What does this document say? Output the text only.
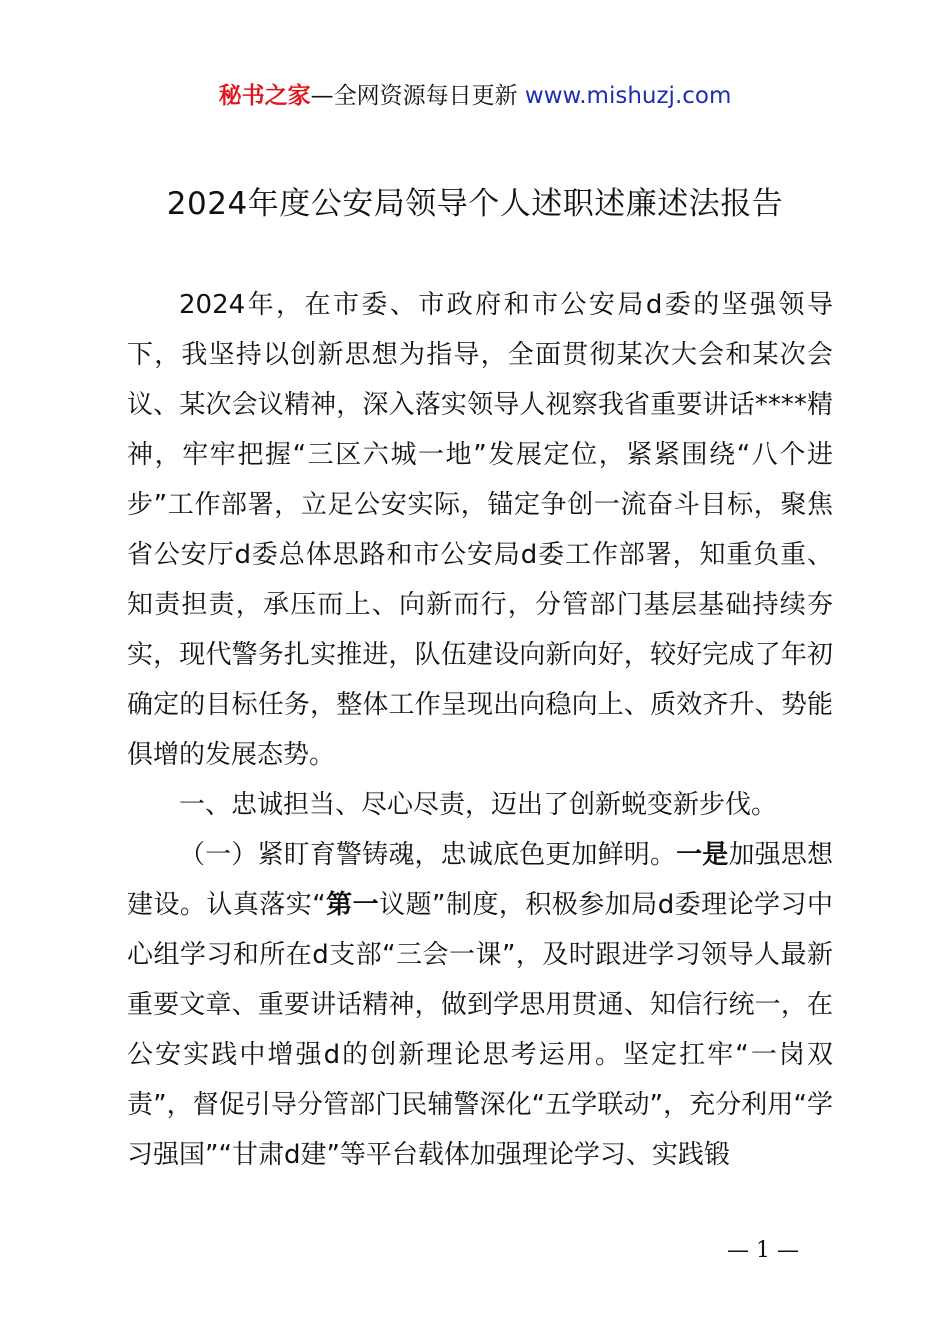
秘书之家—全网资源每日更新 www.mishuzj.com
2024年度公安局领导个人述职述廉述法报告

2024年，在市委、市政府和市公安局d委的坚强领导下，我坚持以创新思想为指导，全面贯彻某次大会和某次会议、某次会议精神，深入落实领导人视察我省重要讲话****精神，牢牢把握“三区六城一地”发展定位，紧紧围绕“八个进步”工作部署，立足公安实际，锚定争创一流奋斗目标，聚焦省公安厅d委总体思路和市公安局d委工作部署，知重负重、知责担责，承压而上、向新而行，分管部门基层基础持续夯实，现代警务扎实推进，队伍建设向新向好，较好完成了年初确定的目标任务，整体工作呈现出向稳向上、质效齐升、势能俱增的发展态势。

一、忠诚担当、尽心尽责，迈出了创新蜕变新步伐。

（一）紧盯育警铸魂，忠诚底色更加鲜明。一是加强思想建设。认真落实“第一议题”制度，积极参加局d委理论学习中心组学习和所在d支部“三会一课”，及时跟进学习领导人最新重要文章、重要讲话精神，做到学思用贯通、知信行统一，在公安实践中增强d的创新理论思考运用。坚定扛牢“一岗双责”，督促引导分管部门民辅警深化“五学联动”，充分利用“学习强国”“甘肃d建”等平台载体加强理论学习、实践锻

— 1 —
